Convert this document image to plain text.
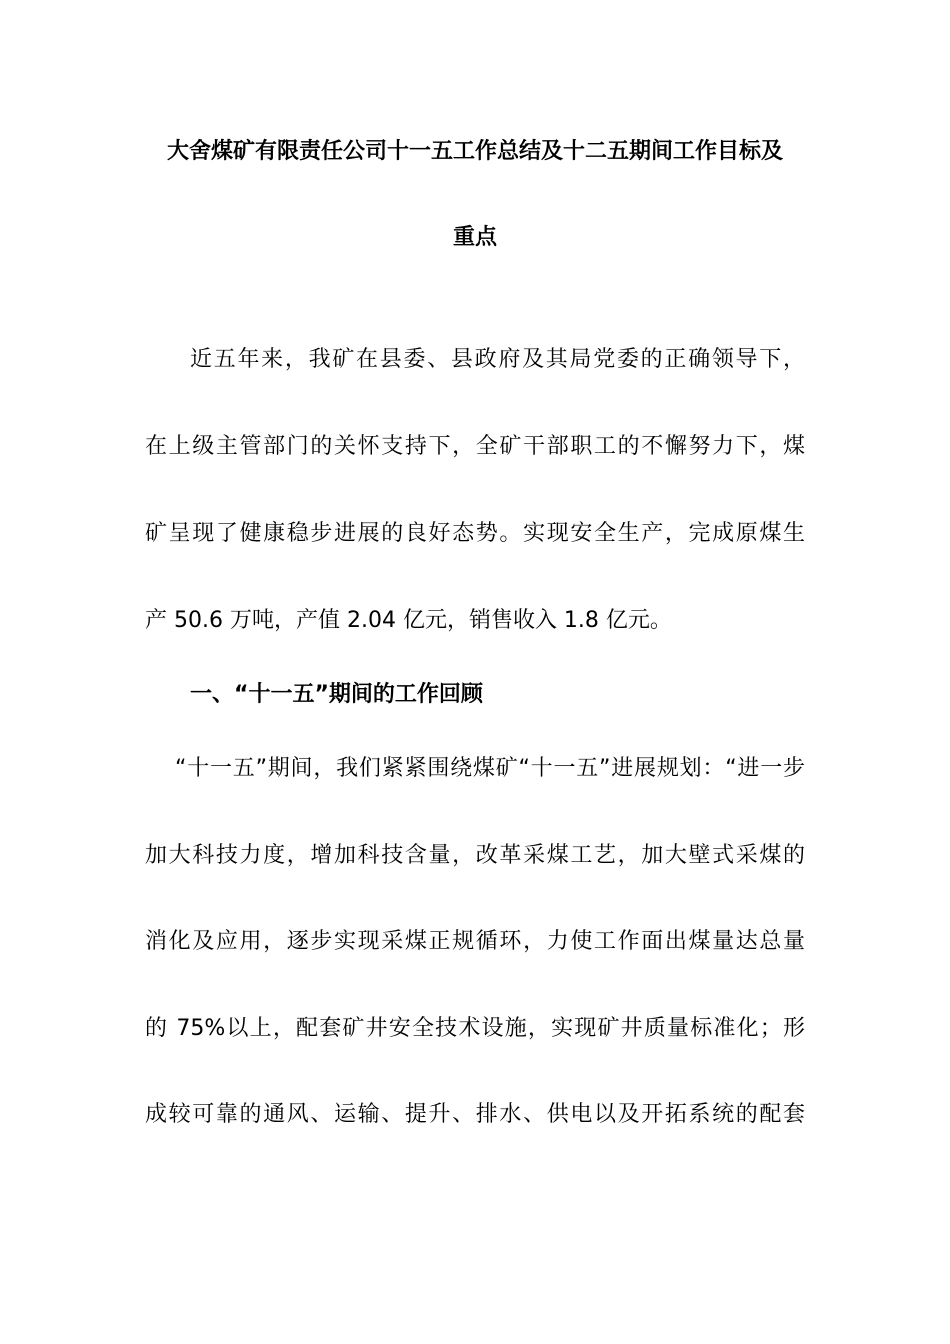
大舍煤矿有限责任公司十一五工作总结及十二五期间工作目标及
重点
近五年来，我矿在县委、县政府及其局党委的正确领导下，
在上级主管部门的关怀支持下，全矿干部职工的不懈努力下，煤
矿呈现了健康稳步进展的良好态势。实现安全生产，完成原煤生
产 50.6 万吨，产值 2.04 亿元，销售收入 1.8 亿元。
一、“十一五”期间的工作回顾
“十一五”期间，我们紧紧围绕煤矿“十一五”进展规划：“进一步
加大科技力度，增加科技含量，改革采煤工艺，加大壁式采煤的
消化及应用，逐步实现采煤正规循环，力使工作面出煤量达总量
的 75%以上，配套矿井安全技术设施，实现矿井质量标准化；形
成较可靠的通风、运输、提升、排水、供电以及开拓系统的配套
